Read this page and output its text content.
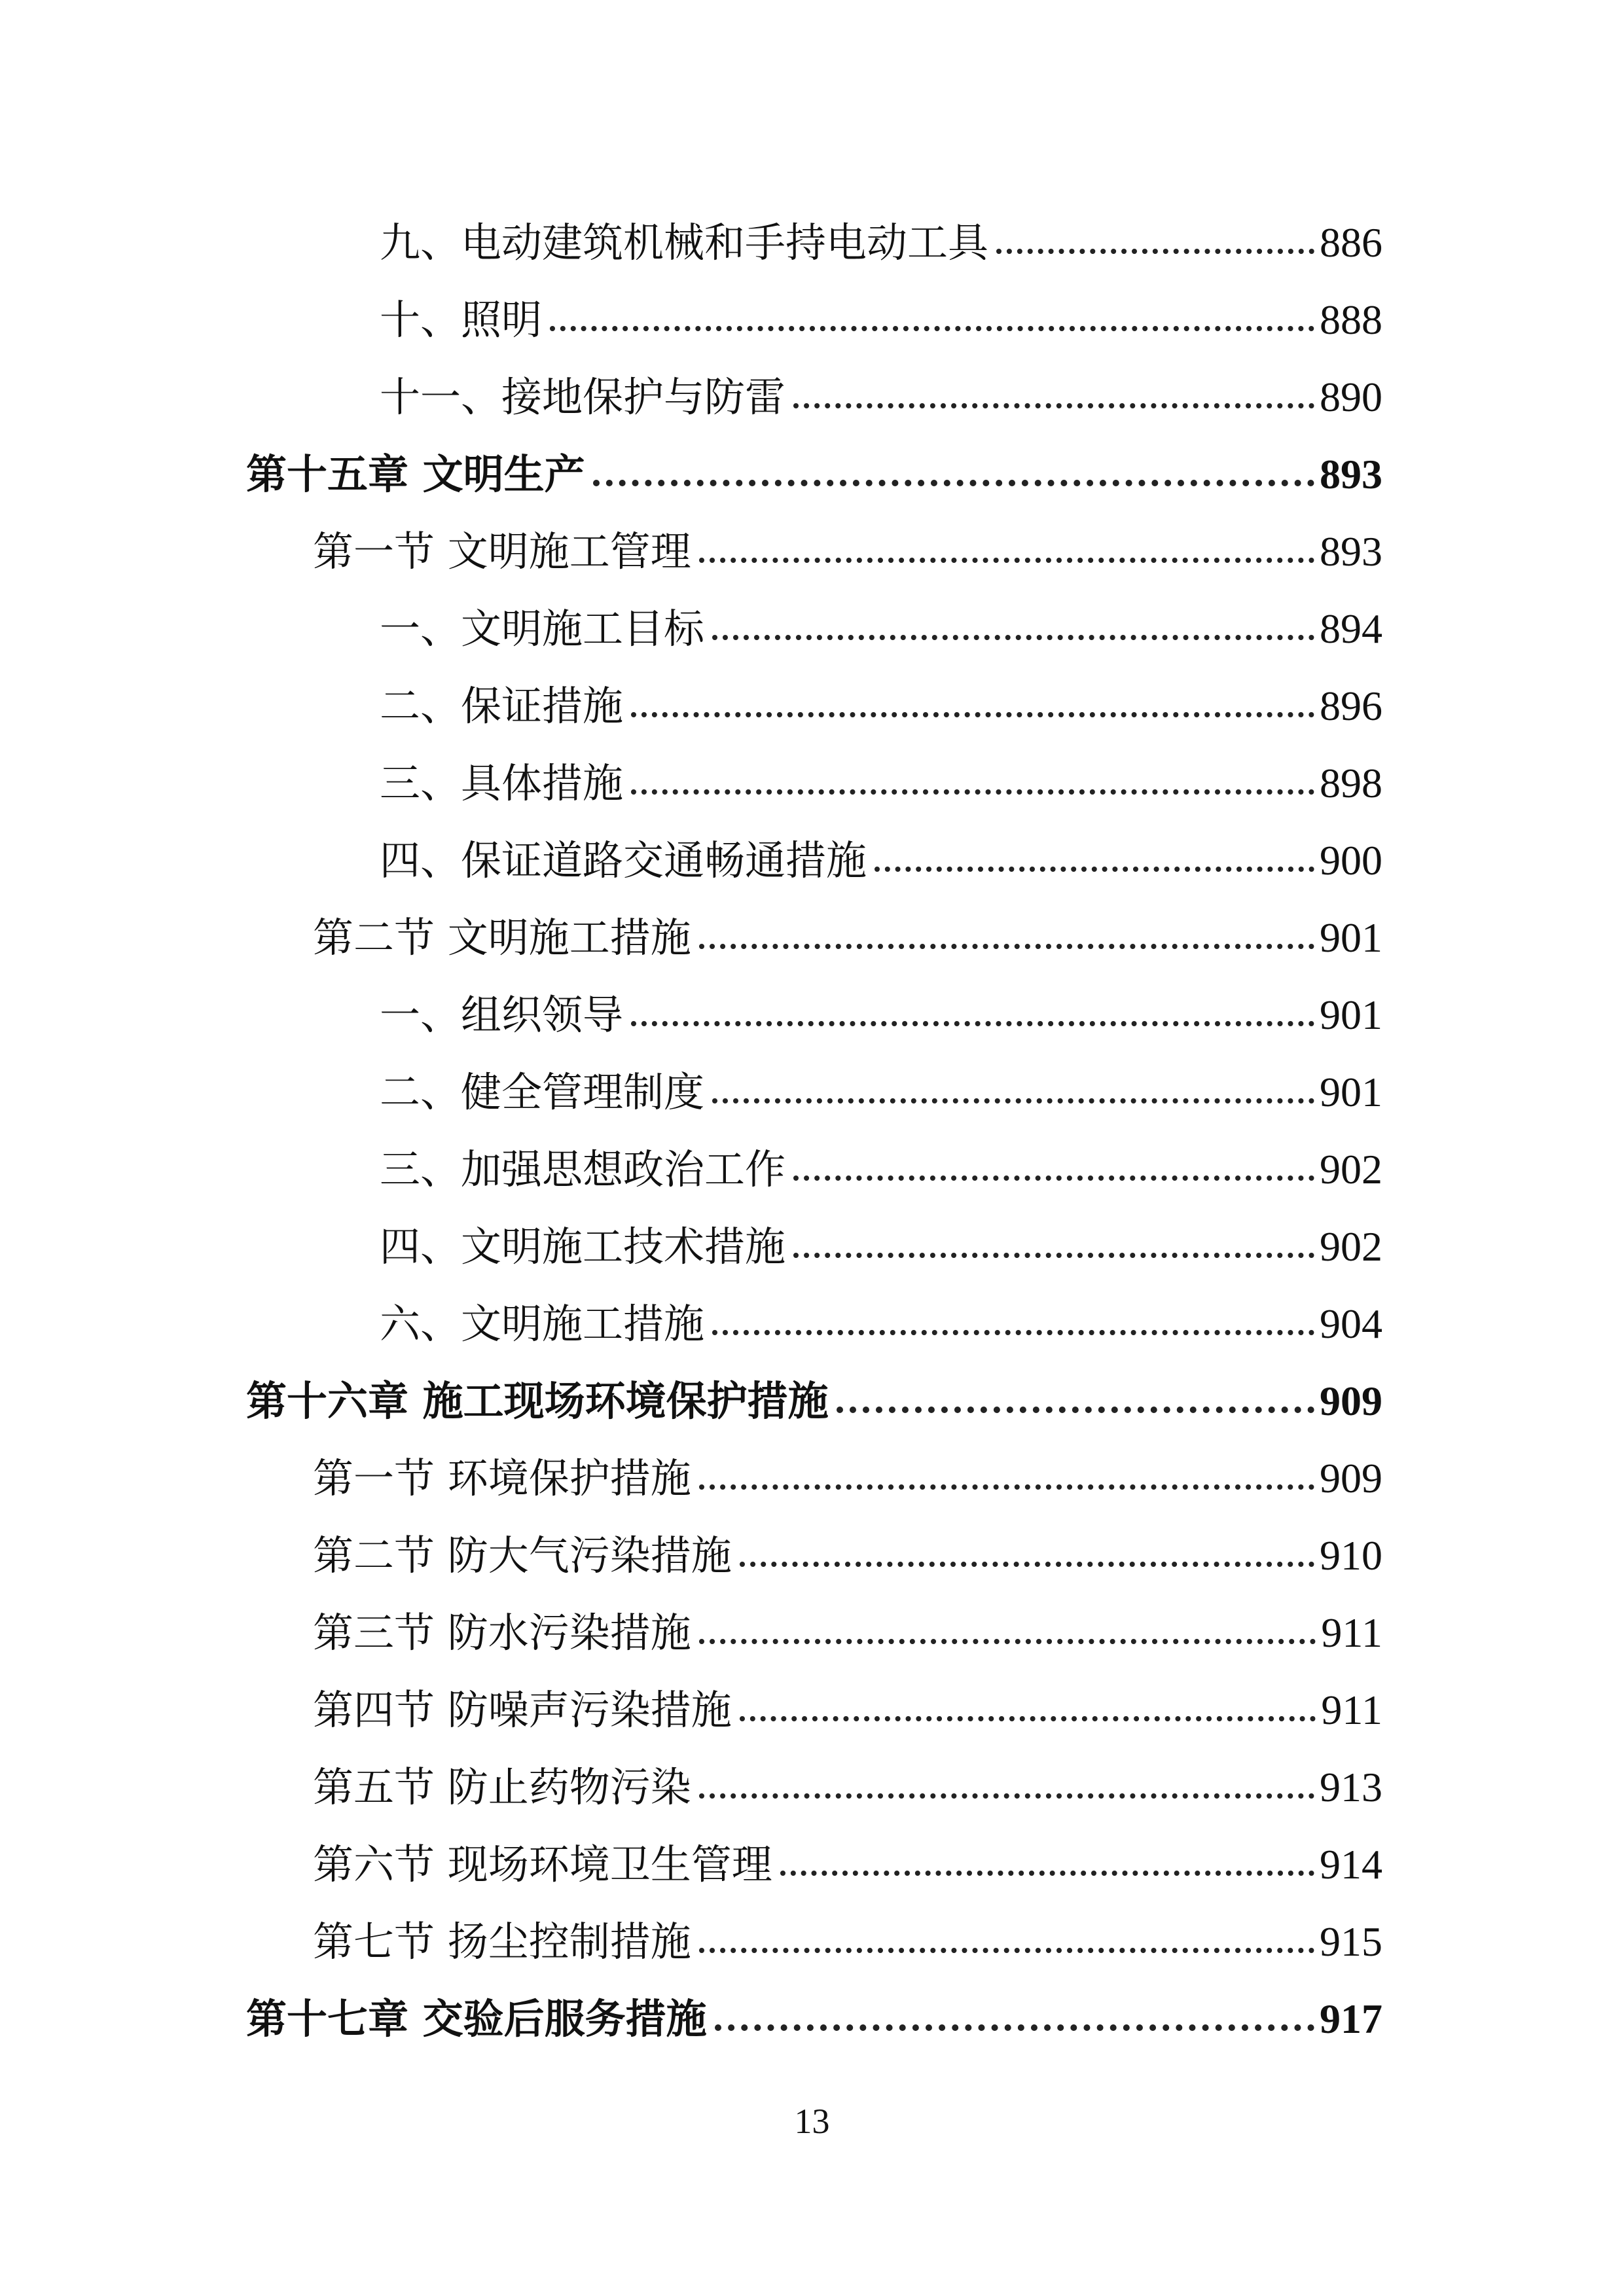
九、电动建筑机械和手持电动工具	886
十、照明	888
十一、接地保护与防雷	890
第十五章 文明生产	893
第一节 文明施工管理	893
一、文明施工目标	894
二、保证措施	896
三、具体措施	898
四、保证道路交通畅通措施	900
第二节 文明施工措施	901
一、组织领导	901
二、健全管理制度	901
三、加强思想政治工作	902
四、文明施工技术措施	902
六、文明施工措施	904
第十六章 施工现场环境保护措施	909
第一节 环境保护措施	909
第二节 防大气污染措施	910
第三节 防水污染措施	911
第四节 防噪声污染措施	911
第五节 防止药物污染	913
第六节 现场环境卫生管理	914
第七节 扬尘控制措施	915
第十七章 交验后服务措施	917
13
